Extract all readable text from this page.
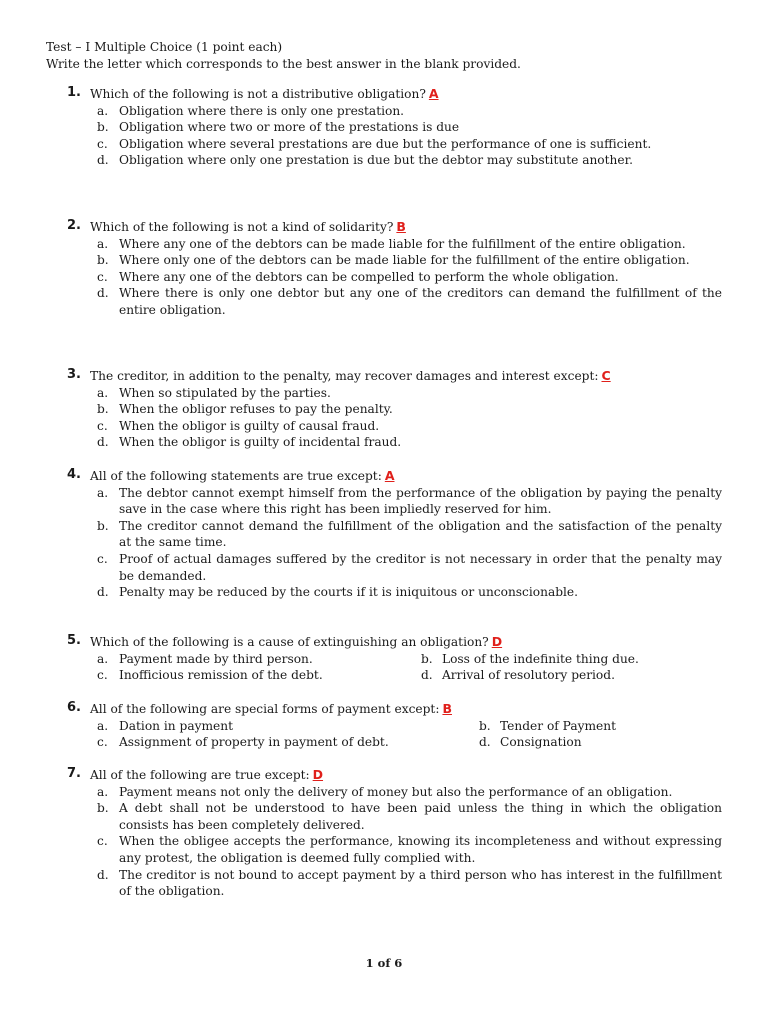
Test – I Multiple Choice (1 point each)
Write the letter which corresponds to the best answer in the blank provided.
1. Which of the following is not a distributive obligation? A
a. Obligation where there is only one prestation.
b. Obligation where two or more of the prestations is due
c. Obligation where several prestations are due but the performance of one is sufficient.
d. Obligation where only one prestation is due but the debtor may substitute another.
2. Which of the following is not a kind of solidarity? B
a. Where any one of the debtors can be made liable for the fulfillment of the entire obligation.
b. Where only one of the debtors can be made liable for the fulfillment of the entire obligation.
c. Where any one of the debtors can be compelled to perform the whole obligation.
d. Where there is only one debtor but any one of the creditors can demand the fulfillment of the entire obligation.
3. The creditor, in addition to the penalty, may recover damages and interest except: C
a. When so stipulated by the parties.
b. When the obligor refuses to pay the penalty.
c. When the obligor is guilty of causal fraud.
d. When the obligor is guilty of incidental fraud.
4. All of the following statements are true except: A
a. The debtor cannot exempt himself from the performance of the obligation by paying the penalty save in the case where this right has been impliedly reserved for him.
b. The creditor cannot demand the fulfillment of the obligation and the satisfaction of the penalty at the same time.
c. Proof of actual damages suffered by the creditor is not necessary in order that the penalty may be demanded.
d. Penalty may be reduced by the courts if it is iniquitous or unconscionable.
5. Which of the following is a cause of extinguishing an obligation? D
a. Payment made by third person.	b. Loss of the indefinite thing due.
c. Inofficious remission of the debt.	d. Arrival of resolutory period.
6. All of the following are special forms of payment except: B
a. Dation in payment	b. Tender of Payment
c. Assignment of property in payment of debt.	d. Consignation
7. All of the following are true except: D
a. Payment means not only the delivery of money but also the performance of an obligation.
b. A debt shall not be understood to have been paid unless the thing in which the obligation consists has been completely delivered.
c. When the obligee accepts the performance, knowing its incompleteness and without expressing any protest, the obligation is deemed fully complied with.
d. The creditor is not bound to accept payment by a third person who has interest in the fulfillment of the obligation.
1 of 6
